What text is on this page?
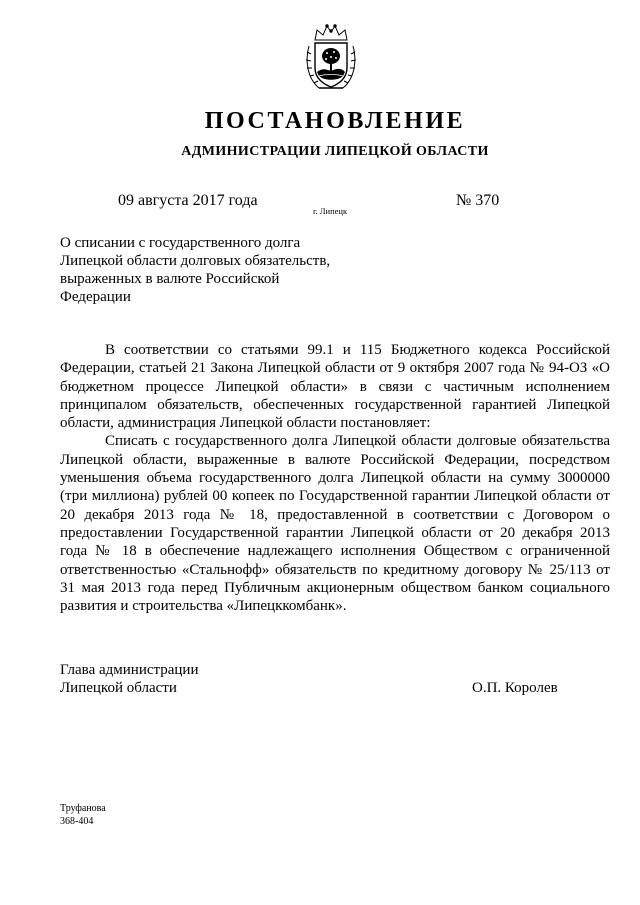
ПОСТАНОВЛЕНИЕ
АДМИНИСТРАЦИИ ЛИПЕЦКОЙ ОБЛАСТИ
09 августа 2017 года
г. Липецк
№ 370
О списании с государственного долга
Липецкой области долговых обязательств,
выраженных в валюте Российской
Федерации

В соответствии со статьями 99.1 и 115 Бюджетного кодекса Российской Федерации, статьей 21 Закона Липецкой области от 9 октября 2007 года № 94-ОЗ «О бюджетном процессе Липецкой области» в связи с частичным исполнением принципалом обязательств, обеспеченных государственной гарантией Липецкой области, администрация Липецкой области постановляет:

Списать с государственного долга Липецкой области долговые обязательства Липецкой области, выраженные в валюте Российской Федерации, посредством уменьшения объема государственного долга Липецкой области на сумму 3000000 (три миллиона) рублей 00 копеек по Государственной гарантии Липецкой области от 20 декабря 2013 года № 18, предоставленной в соответствии с Договором о предоставлении Государственной гарантии Липецкой области от 20 декабря 2013 года № 18 в обеспечение надлежащего исполнения Обществом с ограниченной ответственностью «Стальнофф» обязательств по кредитному договору № 25/113 от 31 мая 2013 года перед Публичным акционерным обществом банком социального развития и строительства «Липецккомбанк».

Глава администрации
Липецкой области	О.П. Королев
Труфанова
368-404
